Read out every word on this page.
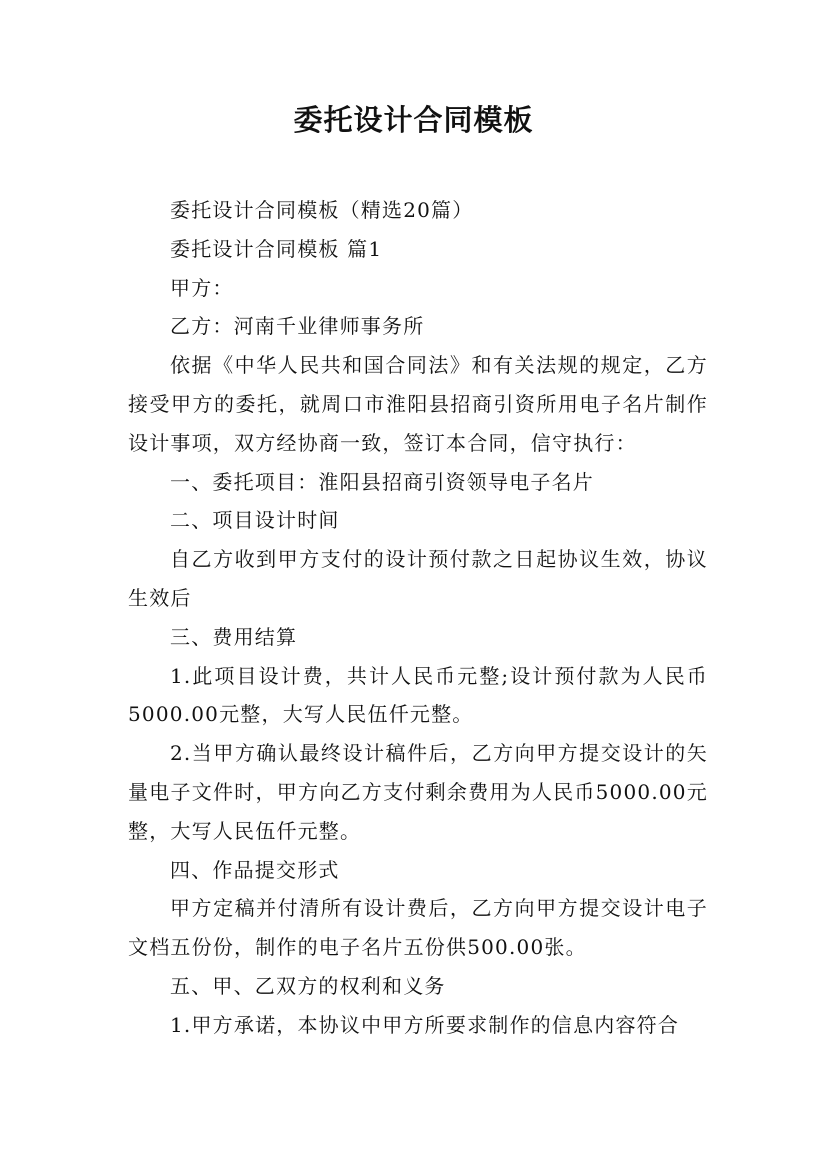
委托设计合同模板

委托设计合同模板（精选20篇）

委托设计合同模板 篇1

甲方：

乙方：河南千业律师事务所

依据《中华人民共和国合同法》和有关法规的规定，乙方接受甲方的委托，就周口市淮阳县招商引资所用电子名片制作设计事项，双方经协商一致，签订本合同，信守执行：

一、委托项目：淮阳县招商引资领导电子名片

二、项目设计时间

自乙方收到甲方支付的设计预付款之日起协议生效，协议生效后

三、费用结算

1.此项目设计费，共计人民币元整;设计预付款为人民币5000.00元整，大写人民伍仟元整。

2.当甲方确认最终设计稿件后，乙方向甲方提交设计的矢量电子文件时，甲方向乙方支付剩余费用为人民币5000.00元整，大写人民伍仟元整。

四、作品提交形式

甲方定稿并付清所有设计费后，乙方向甲方提交设计电子文档五份份，制作的电子名片五份供500.00张。

五、甲、乙双方的权利和义务

1.甲方承诺，本协议中甲方所要求制作的信息内容符合
